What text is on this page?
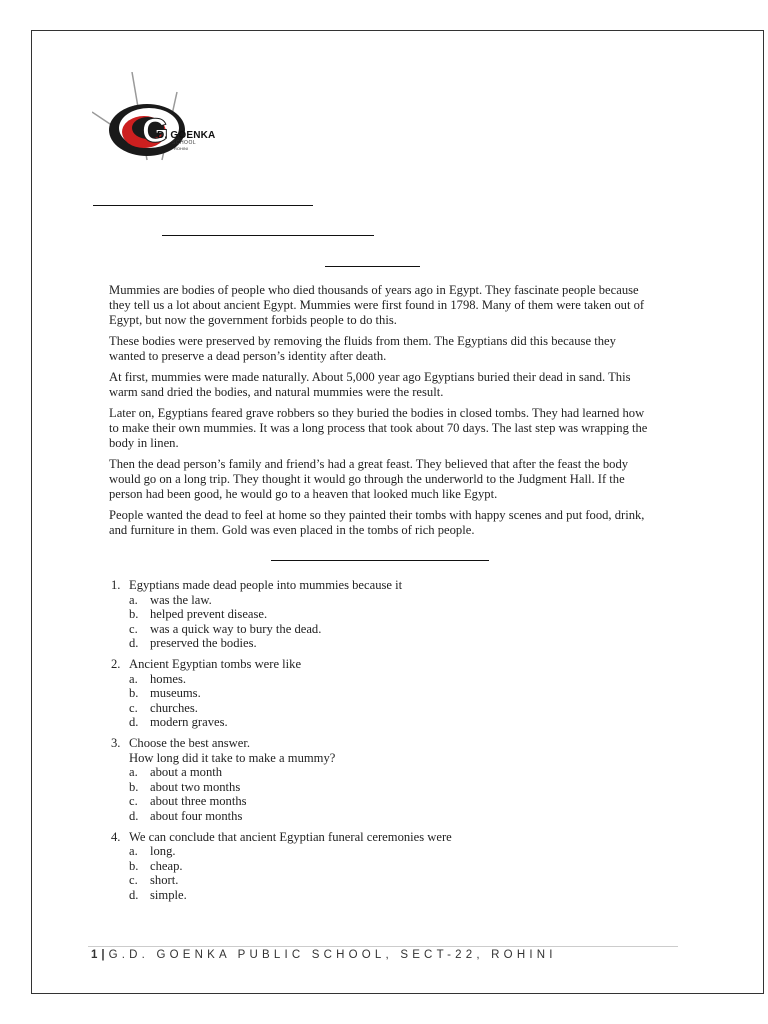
G
D. GOENKA
SCHOOL
ROHINI

Mummies are bodies of people who died thousands of years ago in Egypt. They fascinate people because they tell us a lot about ancient Egypt. Mummies were first found in 1798. Many of them were taken out of Egypt, but now the government forbids people to do this.

These bodies were preserved by removing the fluids from them. The Egyptians did this because they wanted to preserve a dead person’s identity after death.

At first, mummies were made naturally. About 5,000 year ago Egyptians buried their dead in sand. This warm sand dried the bodies, and natural mummies were the result.

Later on, Egyptians feared grave robbers so they buried the bodies in closed tombs. They had learned how to make their own mummies. It was a long process that took about 70 days. The last step was wrapping the body in linen.

Then the dead person’s family and friend’s had a great feast. They believed that after the feast the body would go on a long trip. They thought it would go through the underworld to the Judgment Hall. If the person had been good, he would go to a heaven that looked much like Egypt.

People wanted the dead to feel at home so they painted their tombs with happy scenes and put food, drink, and furniture in them. Gold was even placed in the tombs of rich people.

1. Egyptians made dead people into mummies because it
a. was the law.
b. helped prevent disease.
c. was a quick way to bury the dead.
d. preserved the bodies.
2. Ancient Egyptian tombs were like
a. homes.
b. museums.
c. churches.
d. modern graves.
3. Choose the best answer.
How long did it take to make a mummy?
a. about a month
b. about two months
c. about three months
d. about four months
4. We can conclude that ancient Egyptian funeral ceremonies were
a. long.
b. cheap.
c. short.
d. simple.
1 | G.D. GOENKA PUBLIC SCHOOL, SECT-22, ROHINI
